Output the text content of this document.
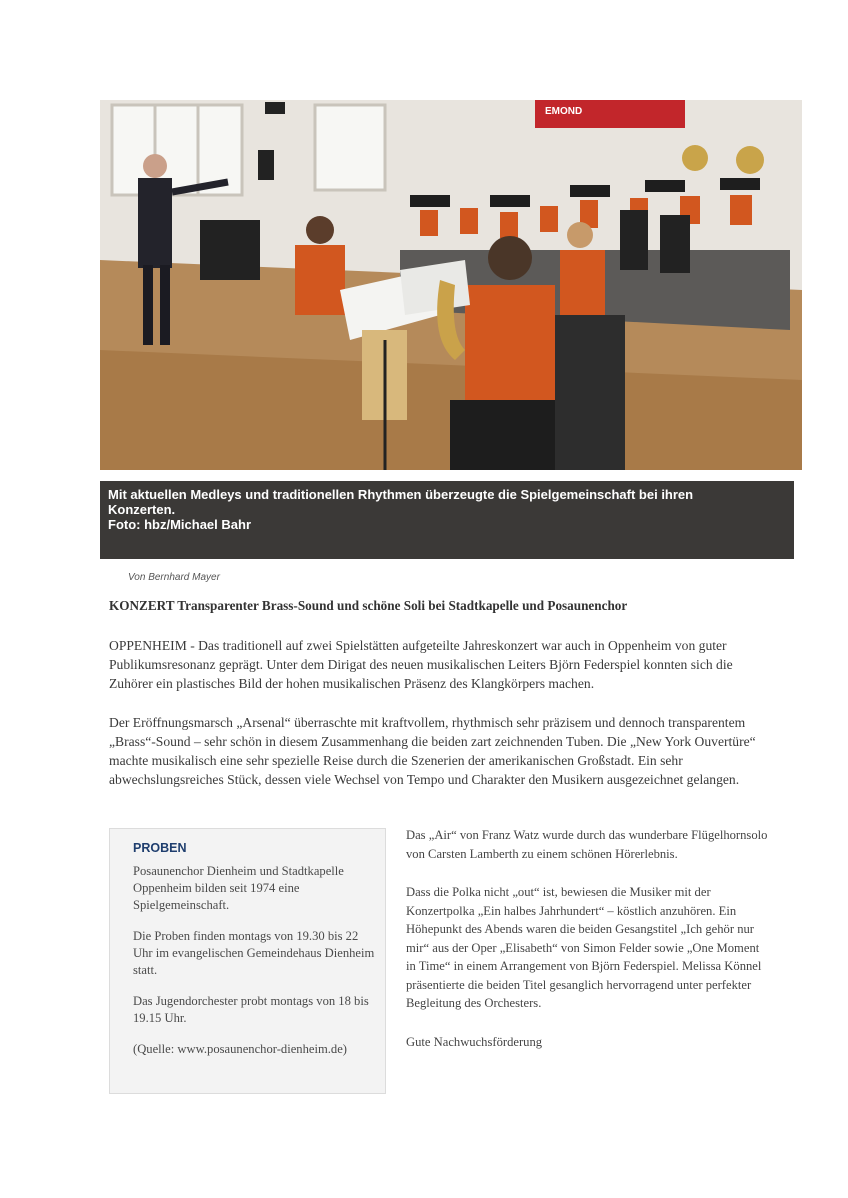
EMOND
Mit aktuellen Medleys und traditionellen Rhythmen überzeugte die Spielgemeinschaft bei ihren
Konzerten.
Foto: hbz/Michael Bahr
Von Bernhard Mayer
KONZERT Transparenter Brass-Sound und schöne Soli bei Stadtkapelle und Posaunenchor

OPPENHEIM - Das traditionell auf zwei Spielstätten aufgeteilte Jahreskonzert war auch in Oppenheim von guter Publikumsresonanz geprägt. Unter dem Dirigat des neuen musikalischen Leiters Björn Federspiel konnten sich die Zuhörer ein plastisches Bild der hohen musikalischen Präsenz des Klangkörpers machen.

Der Eröffnungsmarsch „Arsenal“ überraschte mit kraftvollem, rhythmisch sehr präzisem und dennoch transparentem „Brass“-Sound – sehr schön in diesem Zusammenhang die beiden zart zeichnenden Tuben. Die „New York Ouvertüre“ machte musikalisch eine sehr spezielle Reise durch die Szenerien der amerikanischen Großstadt. Ein sehr abwechslungsreiches Stück, dessen viele Wechsel von Tempo und Charakter den Musikern ausgezeichnet gelangen.

PROBEN

Posaunenchor Dienheim und Stadtkapelle Oppenheim bilden seit 1974 eine Spielgemeinschaft.

Die Proben finden montags von 19.30 bis 22 Uhr im evangelischen Gemeindehaus Dienheim statt.

Das Jugendorchester probt montags von 18 bis 19.15 Uhr.

(Quelle: www.posaunenchor-dienheim.de)

Das „Air“ von Franz Watz wurde durch das wunderbare Flügelhornsolo von Carsten Lamberth zu einem schönen Hörerlebnis.

Dass die Polka nicht „out“ ist, bewiesen die Musiker mit der Konzertpolka „Ein halbes Jahrhundert“ – köstlich anzuhören. Ein Höhepunkt des Abends waren die beiden Gesangstitel „Ich gehör nur mir“ aus der Oper „Elisabeth“ von Simon Felder sowie „One Moment in Time“ in einem Arrangement von Björn Federspiel. Melissa Könnel präsentierte die beiden Titel gesanglich hervorragend unter perfekter Begleitung des Orchesters.

Gute Nachwuchsförderung
